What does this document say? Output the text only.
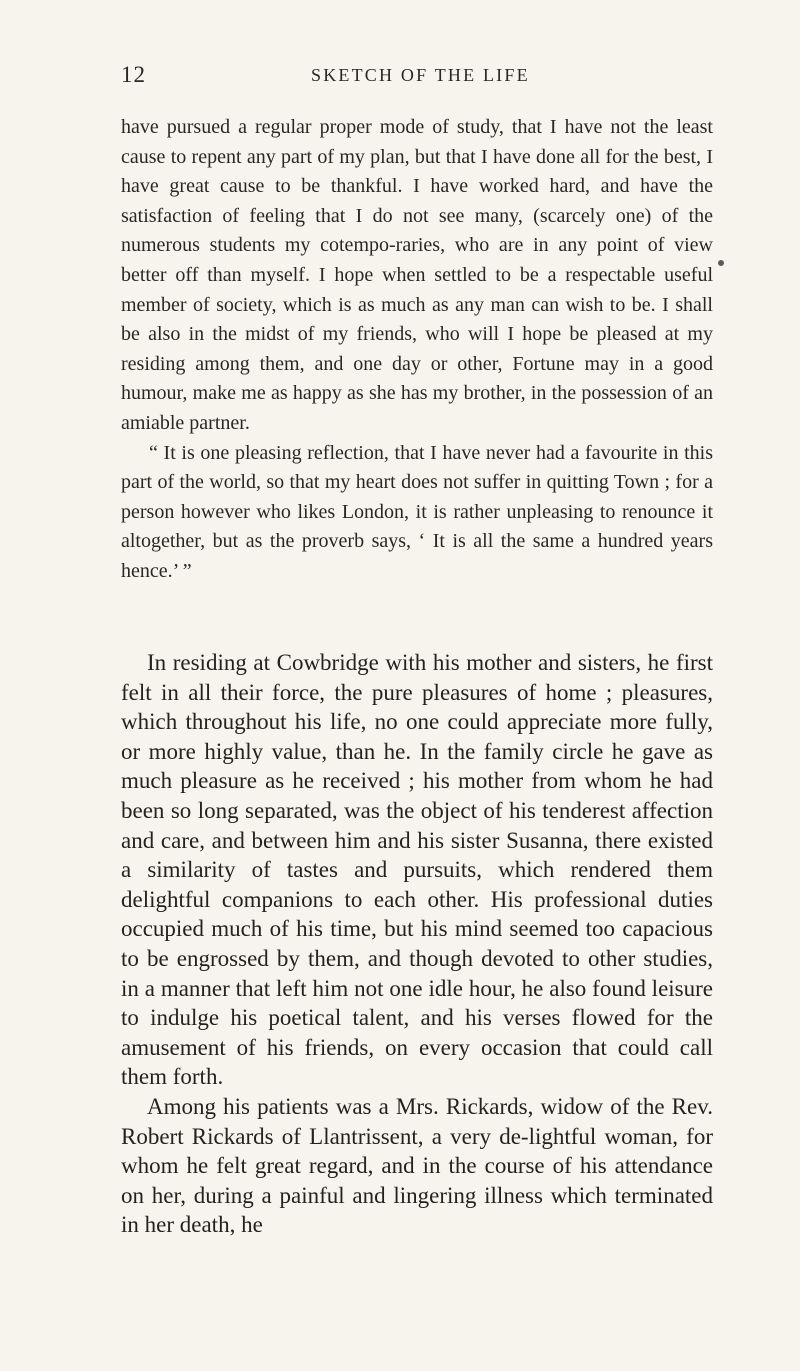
12	SKETCH OF THE LIFE

have pursued a regular proper mode of study, that I have not the least cause to repent any part of my plan, but that I have done all for the best, I have great cause to be thankful. I have worked hard, and have the satisfaction of feeling that I do not see many, (scarcely one) of the numerous students my cotempo-raries, who are in any point of view better off than myself. I hope when settled to be a respectable useful member of society, which is as much as any man can wish to be. I shall be also in the midst of my friends, who will I hope be pleased at my residing among them, and one day or other, Fortune may in a good humour, make me as happy as she has my brother, in the possession of an amiable partner.

“ It is one pleasing reflection, that I have never had a favourite in this part of the world, so that my heart does not suffer in quitting Town ; for a person however who likes London, it is rather unpleasing to renounce it altogether, but as the proverb says, ‘ It is all the same a hundred years hence.’ ”

In residing at Cowbridge with his mother and sisters, he first felt in all their force, the pure pleasures of home ; pleasures, which throughout his life, no one could appreciate more fully, or more highly value, than he. In the family circle he gave as much pleasure as he received ; his mother from whom he had been so long separated, was the object of his tenderest affection and care, and between him and his sister Susanna, there existed a similarity of tastes and pursuits, which rendered them delightful companions to each other. His professional duties occupied much of his time, but his mind seemed too capacious to be engrossed by them, and though devoted to other studies, in a manner that left him not one idle hour, he also found leisure to indulge his poetical talent, and his verses flowed for the amusement of his friends, on every occasion that could call them forth.

Among his patients was a Mrs. Rickards, widow of the Rev. Robert Rickards of Llantrissent, a very de-lightful woman, for whom he felt great regard, and in the course of his attendance on her, during a painful and lingering illness which terminated in her death, he
